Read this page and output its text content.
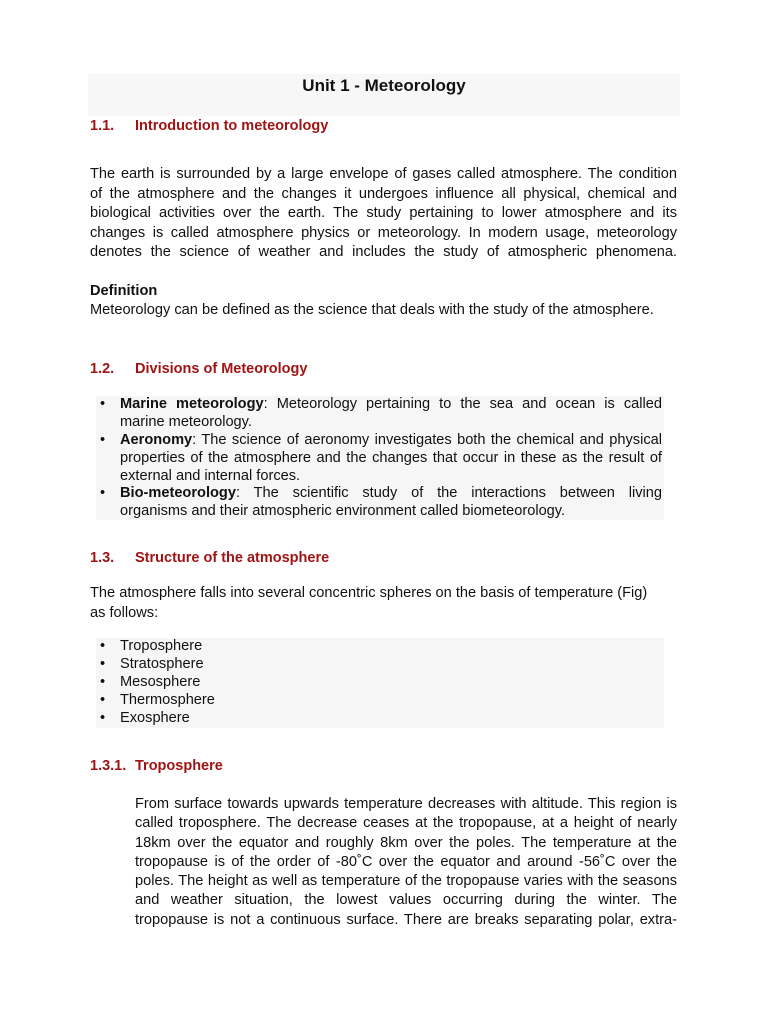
Unit 1 - Meteorology
1.1. Introduction to meteorology
The earth is surrounded by a large envelope of gases called atmosphere. The condition
of the atmosphere and the changes it undergoes influence all physical, chemical and
biological activities over the earth. The study pertaining to lower atmosphere and its
changes is called atmosphere physics or meteorology. In modern usage, meteorology
denotes the science of weather and includes the study of atmospheric phenomena.
Definition
Meteorology can be defined as the science that deals with the study of the atmosphere.
1.2. Divisions of Meteorology
• Marine meteorology: Meteorology pertaining to the sea and ocean is called
marine meteorology.
• Aeronomy: The science of aeronomy investigates both the chemical and physical
properties of the atmosphere and the changes that occur in these as the result of
external and internal forces.
• Bio-meteorology: The scientific study of the interactions between living
organisms and their atmospheric environment called biometeorology.
1.3. Structure of the atmosphere
The atmosphere falls into several concentric spheres on the basis of temperature (Fig)
as follows:
• Troposphere
• Stratosphere
• Mesosphere
• Thermosphere
• Exosphere
1.3.1. Troposphere
From surface towards upwards temperature decreases with altitude. This region is
called troposphere. The decrease ceases at the tropopause, at a height of nearly
18km over the equator and roughly 8km over the poles. The temperature at the
tropopause is of the order of -80˚C over the equator and around -56˚C over the
poles. The height as well as temperature of the tropopause varies with the seasons
and weather situation, the lowest values occurring during the winter. The
tropopause is not a continuous surface. There are breaks separating polar, extra-
